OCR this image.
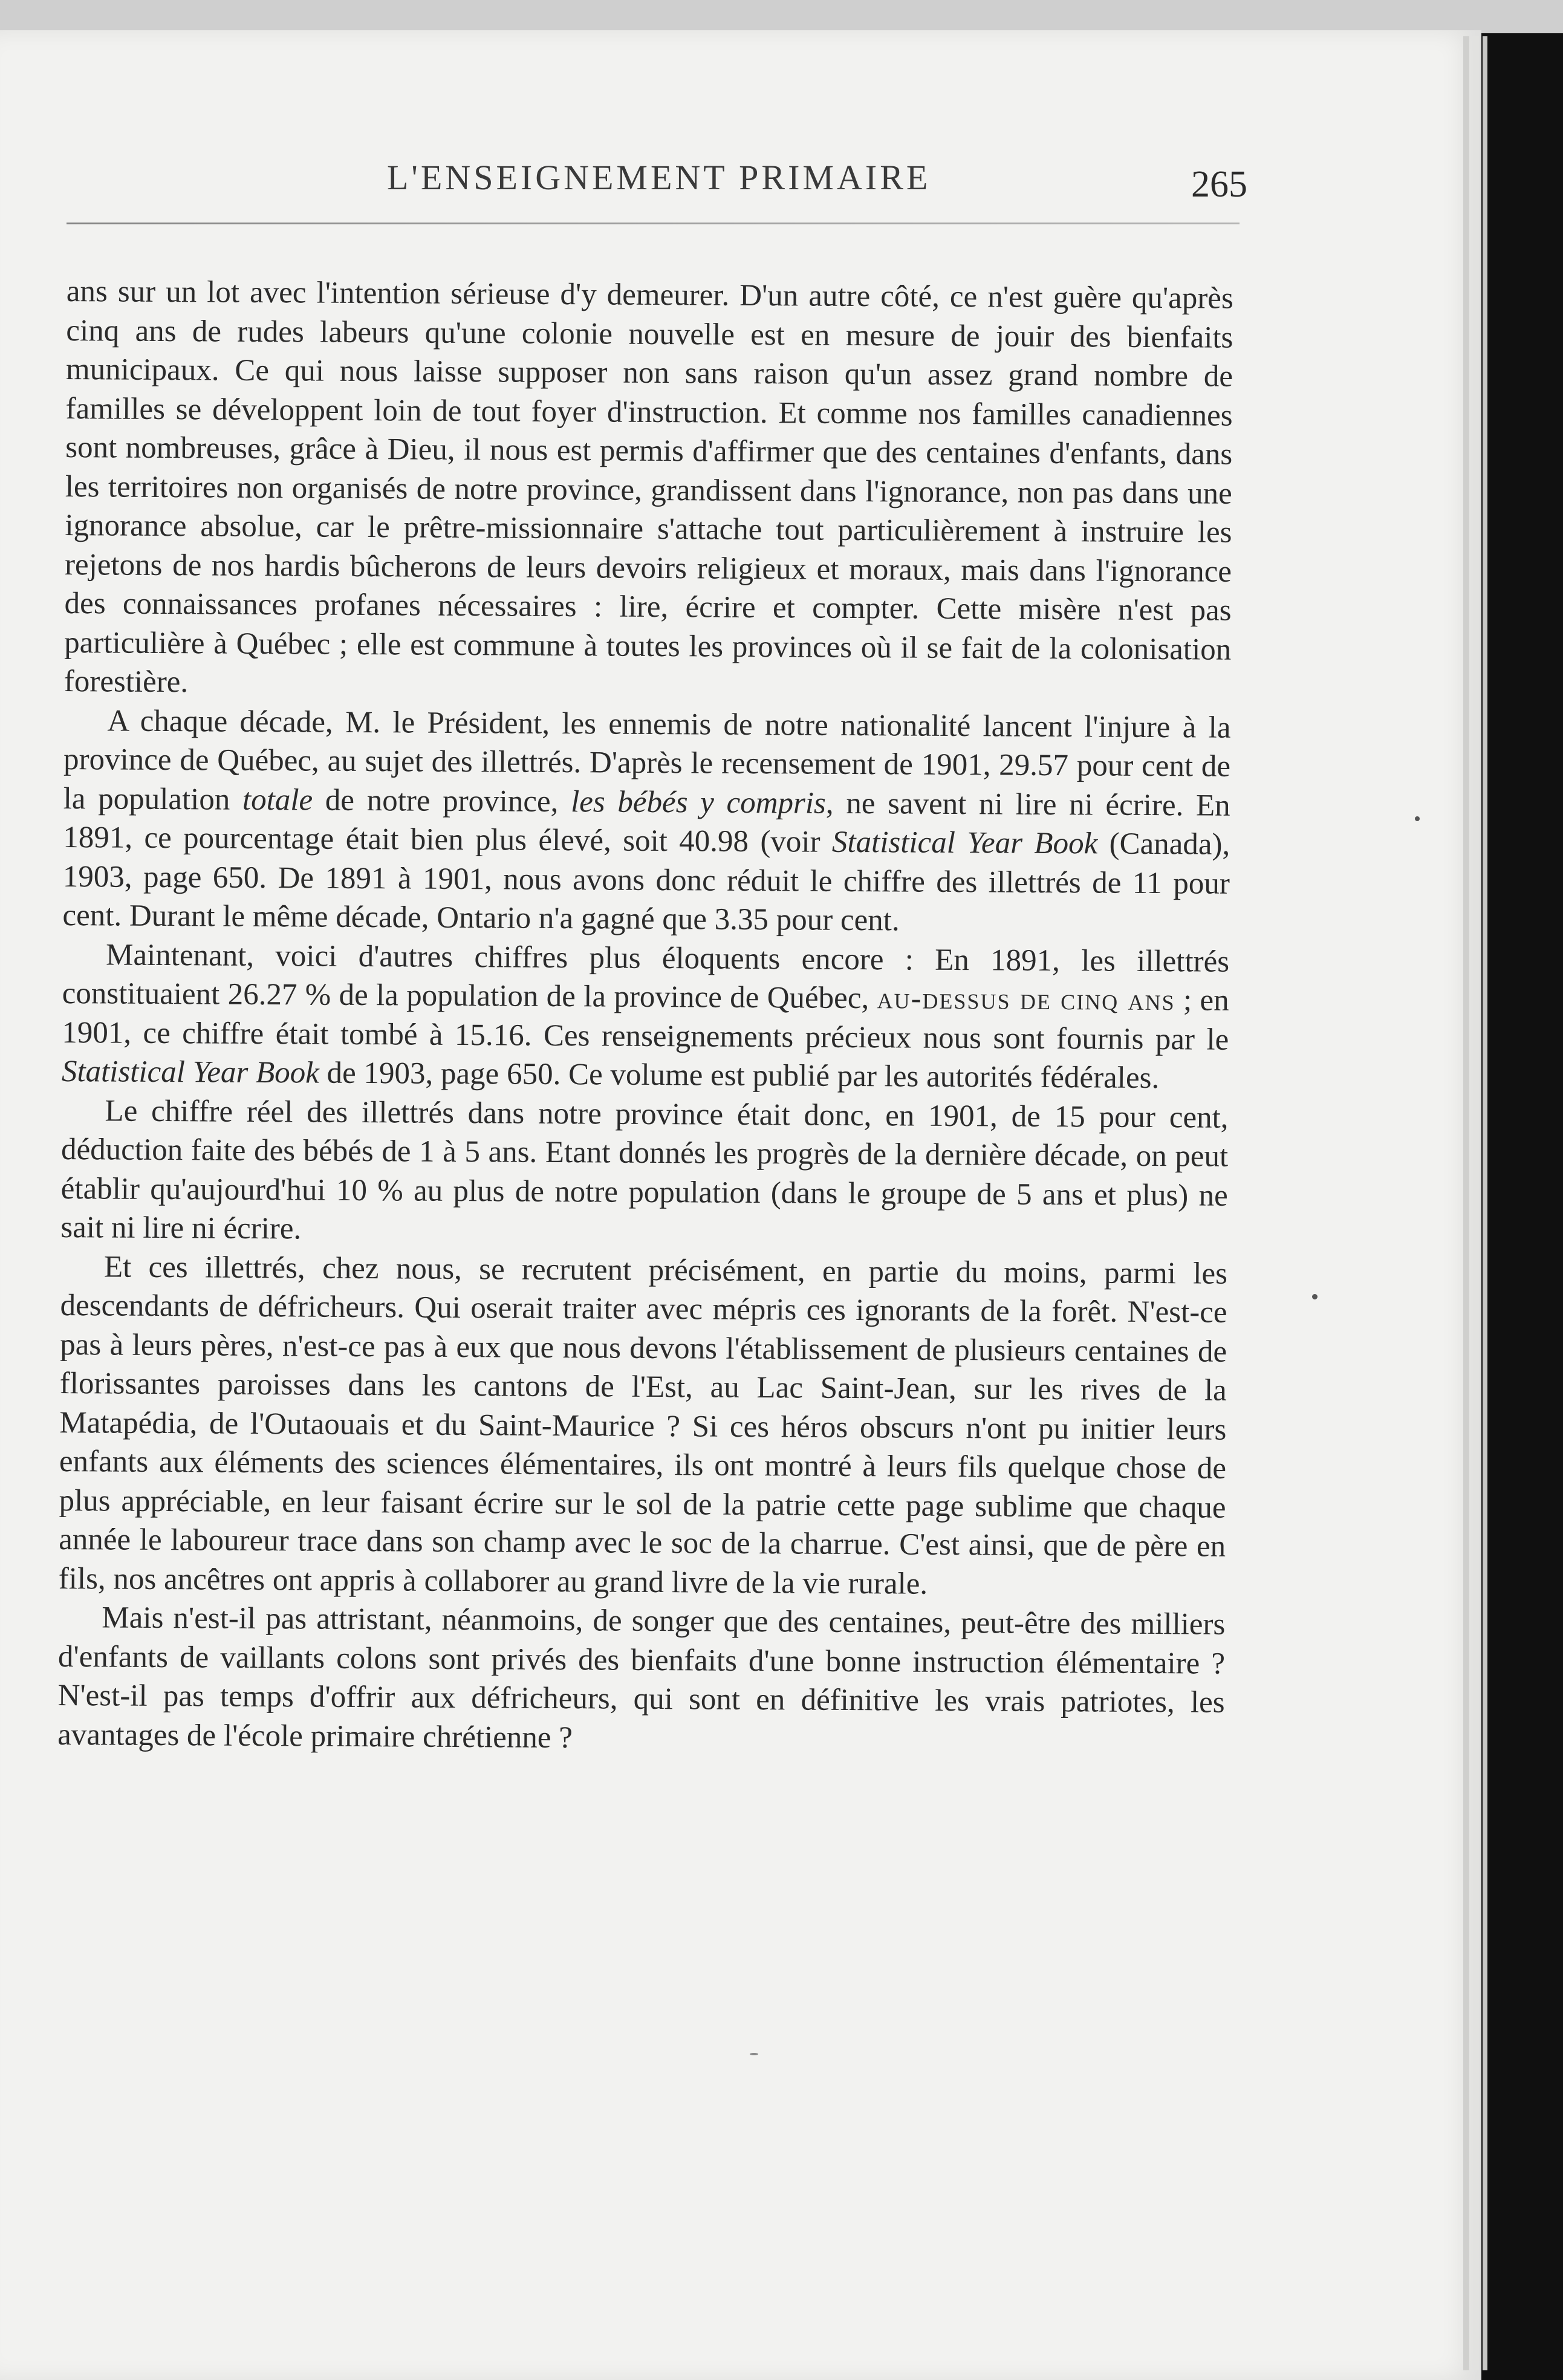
L'ENSEIGNEMENT PRIMAIRE	265

ans sur un lot avec l'intention sérieuse d'y demeurer. D'un autre côté, ce n'est guère qu'après cinq ans de rudes labeurs qu'une colonie nouvelle est en mesure de jouir des bienfaits municipaux. Ce qui nous laisse supposer non sans raison qu'un assez grand nombre de familles se développent loin de tout foyer d'instruction. Et comme nos familles canadiennes sont nombreuses, grâce à Dieu, il nous est permis d'affirmer que des centaines d'enfants, dans les territoires non organisés de notre province, grandissent dans l'ignorance, non pas dans une ignorance absolue, car le prêtre-missionnaire s'attache tout particulièrement à instruire les rejetons de nos hardis bûcherons de leurs devoirs religieux et moraux, mais dans l'ignorance des connaissances profanes nécessaires : lire, écrire et compter. Cette misère n'est pas particulière à Québec ; elle est commune à toutes les provinces où il se fait de la colonisation forestière.

A chaque décade, M. le Président, les ennemis de notre nationalité lancent l'injure à la province de Québec, au sujet des illettrés. D'après le recensement de 1901, 29.57 pour cent de la population totale de notre province, les bébés y compris, ne savent ni lire ni écrire. En 1891, ce pourcentage était bien plus élevé, soit 40.98 (voir Statistical Year Book (Canada), 1903, page 650. De 1891 à 1901, nous avons donc réduit le chiffre des illettrés de 11 pour cent. Durant le même décade, Ontario n'a gagné que 3.35 pour cent.

Maintenant, voici d'autres chiffres plus éloquents encore : En 1891, les illettrés constituaient 26.27 % de la population de la province de Québec, au-dessus de cinq ans ; en 1901, ce chiffre était tombé à 15.16. Ces renseignements précieux nous sont fournis par le Statistical Year Book de 1903, page 650. Ce volume est publié par les autorités fédérales.

Le chiffre réel des illettrés dans notre province était donc, en 1901, de 15 pour cent, déduction faite des bébés de 1 à 5 ans. Etant donnés les progrès de la dernière décade, on peut établir qu'aujourd'hui 10 % au plus de notre population (dans le groupe de 5 ans et plus) ne sait ni lire ni écrire.

Et ces illettrés, chez nous, se recrutent précisément, en partie du moins, parmi les descendants de défricheurs. Qui oserait traiter avec mépris ces ignorants de la forêt. N'est-ce pas à leurs pères, n'est-ce pas à eux que nous devons l'établissement de plusieurs centaines de florissantes paroisses dans les cantons de l'Est, au Lac Saint-Jean, sur les rives de la Matapédia, de l'Outaouais et du Saint-Maurice ? Si ces héros obscurs n'ont pu initier leurs enfants aux éléments des sciences élémentaires, ils ont montré à leurs fils quelque chose de plus appréciable, en leur faisant écrire sur le sol de la patrie cette page sublime que chaque année le laboureur trace dans son champ avec le soc de la charrue. C'est ainsi, que de père en fils, nos ancêtres ont appris à collaborer au grand livre de la vie rurale.

Mais n'est-il pas attristant, néanmoins, de songer que des centaines, peut-être des milliers d'enfants de vaillants colons sont privés des bienfaits d'une bonne instruction élémentaire ? N'est-il pas temps d'offrir aux défricheurs, qui sont en définitive les vrais patriotes, les avantages de l'école primaire chrétienne ?
